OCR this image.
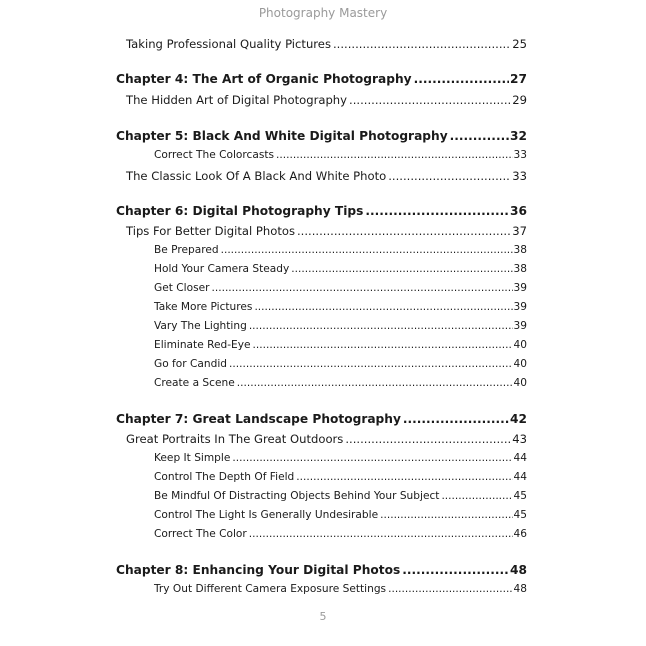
Photography Mastery
Taking Professional Quality Pictures .....	25
Chapter 4: The Art of Organic Photography .....	27
The Hidden Art of Digital Photography .....	29
Chapter 5: Black And White Digital Photography .....	32
Correct The Colorcasts .....	33
The Classic Look Of A Black And White Photo .....	33
Chapter 6: Digital Photography Tips .....	36
Tips For Better Digital Photos .....	37
Be Prepared .....	38
Hold Your Camera Steady .....	38
Get Closer .....	39
Take More Pictures .....	39
Vary The Lighting .....	39
Eliminate Red-Eye .....	40
Go for Candid .....	40
Create a Scene .....	40
Chapter 7: Great Landscape Photography .....	42
Great Portraits In The Great Outdoors .....	43
Keep It Simple .....	44
Control The Depth Of Field .....	44
Be Mindful Of Distracting Objects Behind Your Subject .....	45
Control The Light Is Generally Undesirable .....	45
Correct The Color .....	46
Chapter 8: Enhancing Your Digital Photos .....	48
Try Out Different Camera Exposure Settings .....	48
5
